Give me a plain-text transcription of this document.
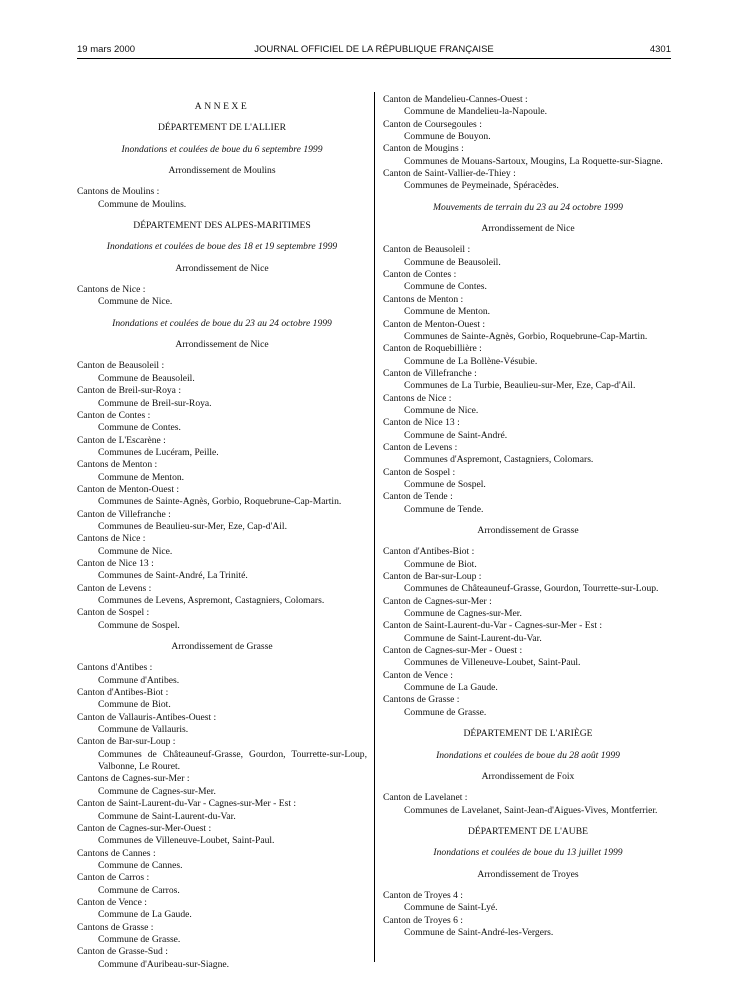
19 mars 2000	JOURNAL OFFICIEL DE LA RÉPUBLIQUE FRANÇAISE	4301
ANNEXE
DÉPARTEMENT DE L'ALLIER
Inondations et coulées de boue du 6 septembre 1999
Arrondissement de Moulins
Cantons de Moulins :
Commune de Moulins.
DÉPARTEMENT DES ALPES-MARITIMES
Inondations et coulées de boue des 18 et 19 septembre 1999
Arrondissement de Nice
Cantons de Nice :
Commune de Nice.
Inondations et coulées de boue du 23 au 24 octobre 1999
Arrondissement de Nice
Canton de Beausoleil :
Commune de Beausoleil.
Canton de Breil-sur-Roya :
Commune de Breil-sur-Roya.
Canton de Contes :
Commune de Contes.
Canton de L'Escarène :
Communes de Lucéram, Peille.
Cantons de Menton :
Commune de Menton.
Canton de Menton-Ouest :
Communes de Sainte-Agnès, Gorbio, Roquebrune-Cap-Martin.
Canton de Villefranche :
Communes de Beaulieu-sur-Mer, Eze, Cap-d'Ail.
Cantons de Nice :
Commune de Nice.
Canton de Nice 13 :
Communes de Saint-André, La Trinité.
Canton de Levens :
Communes de Levens, Aspremont, Castagniers, Colomars.
Canton de Sospel :
Commune de Sospel.
Arrondissement de Grasse
Cantons d'Antibes :
Commune d'Antibes.
Canton d'Antibes-Biot :
Commune de Biot.
Canton de Vallauris-Antibes-Ouest :
Commune de Vallauris.
Canton de Bar-sur-Loup :
Communes de Châteauneuf-Grasse, Gourdon, Tourrette-sur-Loup, Valbonne, Le Rouret.
Cantons de Cagnes-sur-Mer :
Commune de Cagnes-sur-Mer.
Canton de Saint-Laurent-du-Var - Cagnes-sur-Mer - Est :
Commune de Saint-Laurent-du-Var.
Canton de Cagnes-sur-Mer-Ouest :
Communes de Villeneuve-Loubet, Saint-Paul.
Cantons de Cannes :
Commune de Cannes.
Canton de Carros :
Commune de Carros.
Canton de Vence :
Commune de La Gaude.
Cantons de Grasse :
Commune de Grasse.
Canton de Grasse-Sud :
Commune d'Auribeau-sur-Siagne.
Canton de Mandelieu-Cannes-Ouest :
Commune de Mandelieu-la-Napoule.
Canton de Coursegoules :
Commune de Bouyon.
Canton de Mougins :
Communes de Mouans-Sartoux, Mougins, La Roquette-sur-Siagne.
Canton de Saint-Vallier-de-Thiey :
Communes de Peymeinade, Spéracèdes.
Mouvements de terrain du 23 au 24 octobre 1999
Arrondissement de Nice
Canton de Beausoleil :
Commune de Beausoleil.
Canton de Contes :
Commune de Contes.
Cantons de Menton :
Commune de Menton.
Canton de Menton-Ouest :
Communes de Sainte-Agnès, Gorbio, Roquebrune-Cap-Martin.
Canton de Roquebillière :
Commune de La Bollène-Vésubie.
Canton de Villefranche :
Communes de La Turbie, Beaulieu-sur-Mer, Eze, Cap-d'Ail.
Cantons de Nice :
Commune de Nice.
Canton de Nice 13 :
Commune de Saint-André.
Canton de Levens :
Communes d'Aspremont, Castagniers, Colomars.
Canton de Sospel :
Commune de Sospel.
Canton de Tende :
Commune de Tende.
Arrondissement de Grasse
Canton d'Antibes-Biot :
Commune de Biot.
Canton de Bar-sur-Loup :
Communes de Châteauneuf-Grasse, Gourdon, Tourrette-sur-Loup.
Canton de Cagnes-sur-Mer :
Commune de Cagnes-sur-Mer.
Canton de Saint-Laurent-du-Var - Cagnes-sur-Mer - Est :
Commune de Saint-Laurent-du-Var.
Canton de Cagnes-sur-Mer - Ouest :
Communes de Villeneuve-Loubet, Saint-Paul.
Canton de Vence :
Commune de La Gaude.
Cantons de Grasse :
Commune de Grasse.
DÉPARTEMENT DE L'ARIÈGE
Inondations et coulées de boue du 28 août 1999
Arrondissement de Foix
Canton de Lavelanet :
Communes de Lavelanet, Saint-Jean-d'Aigues-Vives, Montferrier.
DÉPARTEMENT DE L'AUBE
Inondations et coulées de boue du 13 juillet 1999
Arrondissement de Troyes
Canton de Troyes 4 :
Commune de Saint-Lyé.
Canton de Troyes 6 :
Commune de Saint-André-les-Vergers.
